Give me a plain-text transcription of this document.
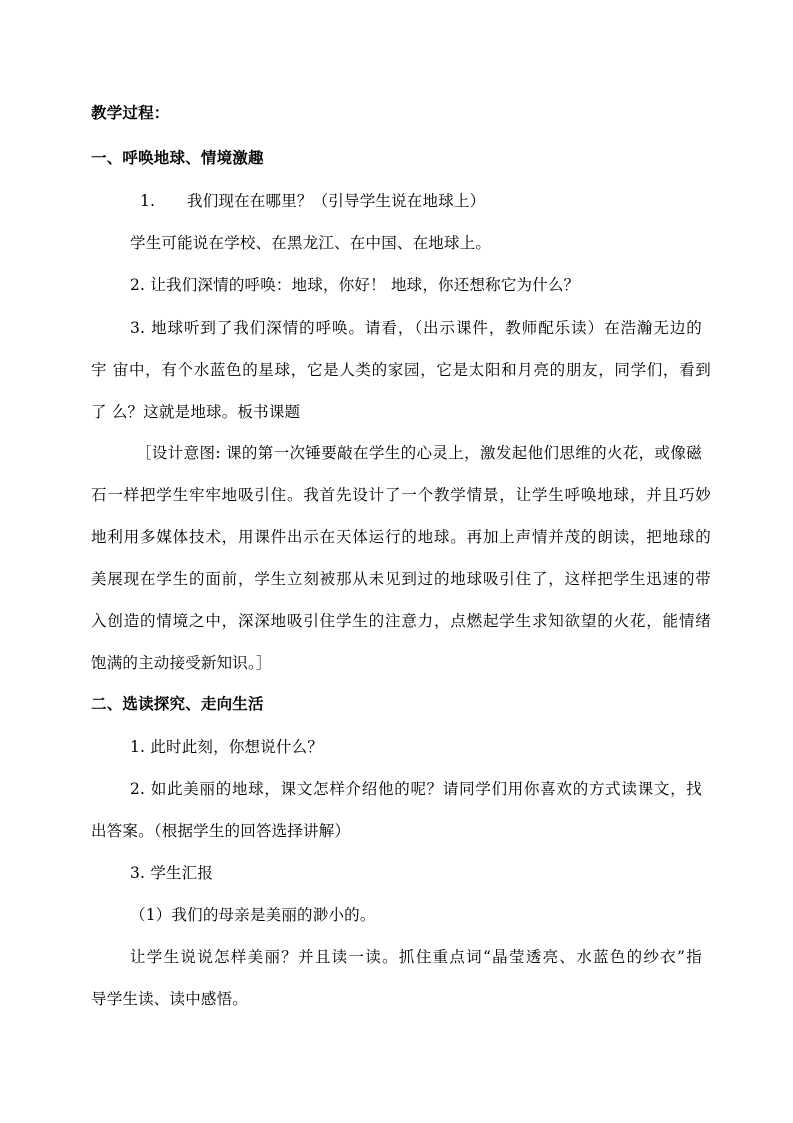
教学过程：
一、呼唤地球、情境激趣
1. 我们现在在哪里？（引导学生说在地球上）
学生可能说在学校、在黑龙江、在中国、在地球上。
2. 让我们深情的呼唤：地球，你好！ 地球，你还想称它为什么？
3. 地球听到了我们深情的呼唤。请看，（出示课件，教师配乐读）在浩瀚无边的
宇 宙中，有个水蓝色的星球，它是人类的家园，它是太阳和月亮的朋友，同学们，看到
了 么？这就是地球。板书课题
［设计意图: 课的第一次锤要敲在学生的心灵上，激发起他们思维的火花，或像磁
石一样把学生牢牢地吸引住。我首先设计了一个教学情景，让学生呼唤地球，并且巧妙
地利用多媒体技术，用课件出示在天体运行的地球。再加上声情并茂的朗读，把地球的
美展现在学生的面前，学生立刻被那从未见到过的地球吸引住了，这样把学生迅速的带
入创造的情境之中，深深地吸引住学生的注意力，点燃起学生求知欲望的火花，能情绪
饱满的主动接受新知识。］
二、选读探究、走向生活
1. 此时此刻，你想说什么？
2. 如此美丽的地球，课文怎样介绍他的呢？请同学们用你喜欢的方式读课文，找
出答案。（根据学生的回答选择讲解）
3. 学生汇报
（1）我们的母亲是美丽的渺小的。
让学生说说怎样美丽？并且读一读。抓住重点词“晶莹透亮、水蓝色的纱衣”指
导学生读、读中感悟。
